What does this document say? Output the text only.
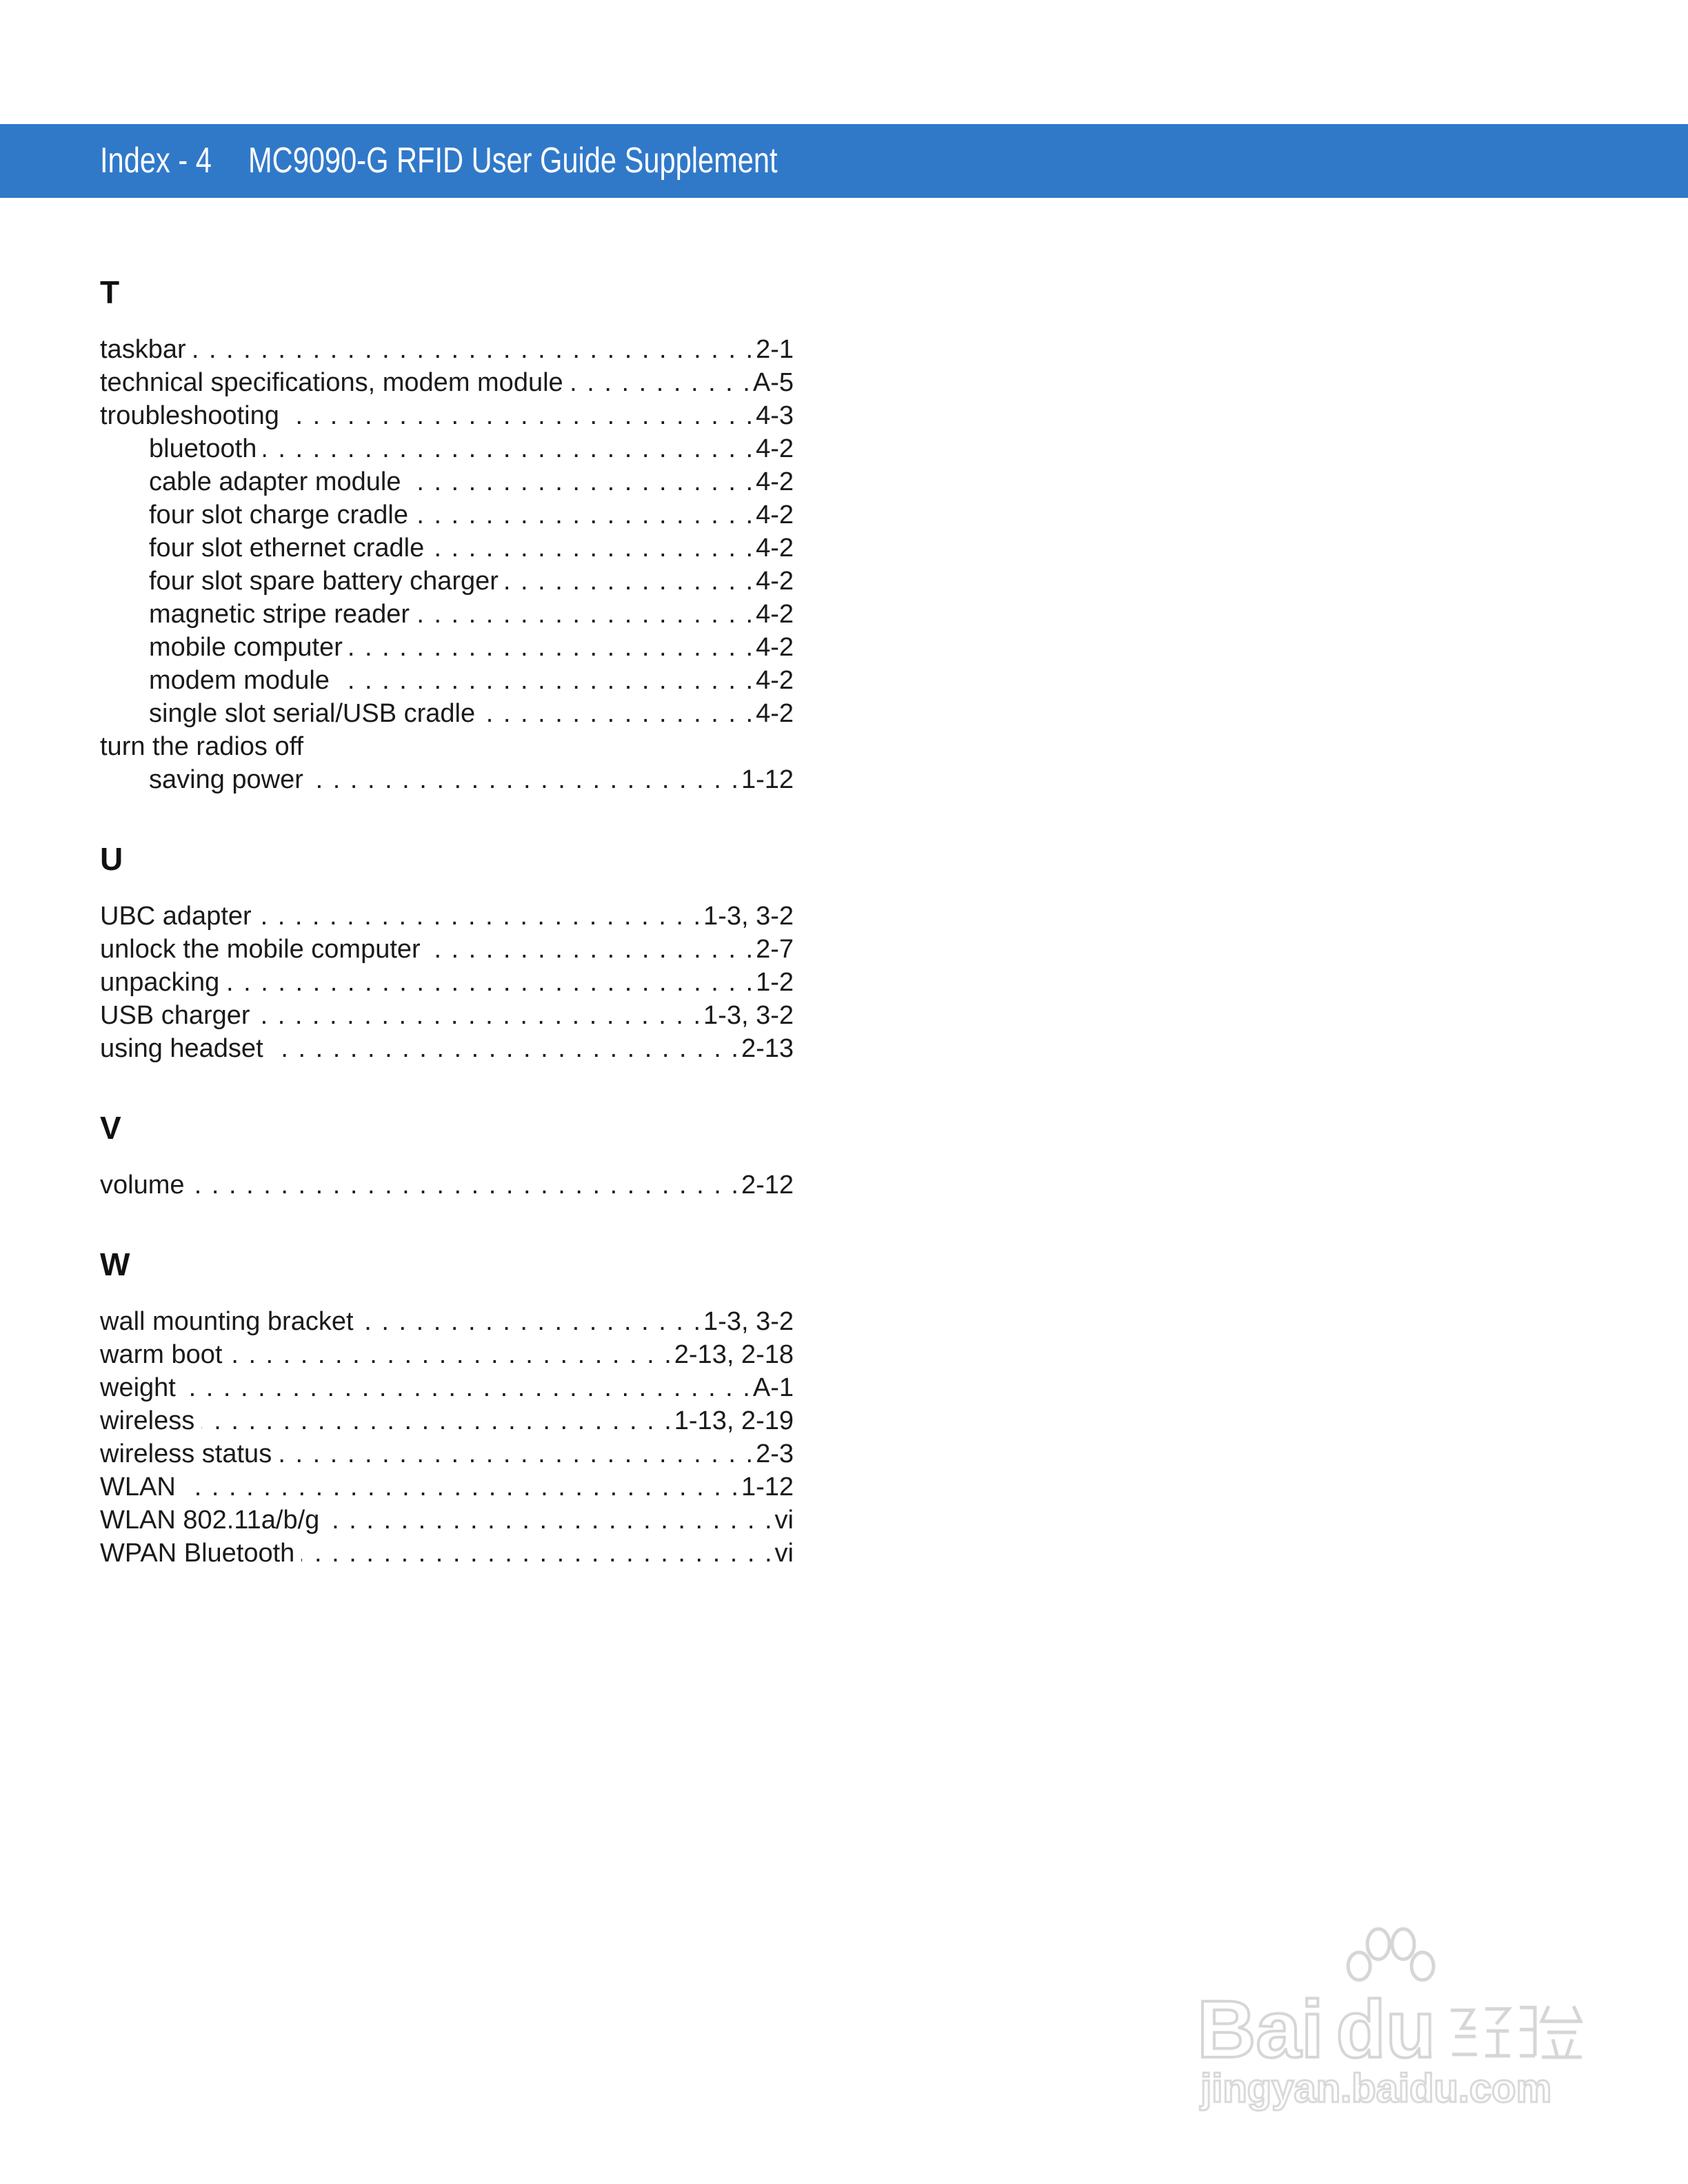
Index - 4 MC9090-G RFID User Guide Supplement
T
taskbar . . .	2-1
technical specifications, modem module . . .	A-5
troubleshooting . . .	4-3
bluetooth . . .	4-2
cable adapter module . . .	4-2
four slot charge cradle . . .	4-2
four slot ethernet cradle . . .	4-2
four slot spare battery charger . . .	4-2
magnetic stripe reader . . .	4-2
mobile computer . . .	4-2
modem module . . .	4-2
single slot serial/USB cradle . . .	4-2
turn the radios off
saving power . . .	1-12
U
UBC adapter . . .	1-3, 3-2
unlock the mobile computer . . .	2-7
unpacking . . .	1-2
USB charger . . .	1-3, 3-2
using headset . . .	2-13
V
volume . . .	2-12
W
wall mounting bracket . . .	1-3, 3-2
warm boot . . .	2-13, 2-18
weight . . .	A-1
wireless . . .	1-13, 2-19
wireless status . . .	2-3
WLAN . . .	1-12
WLAN 802.11a/b/g . . .	vi
WPAN Bluetooth . . .	vi
Bai du
jingyan.baidu.com
